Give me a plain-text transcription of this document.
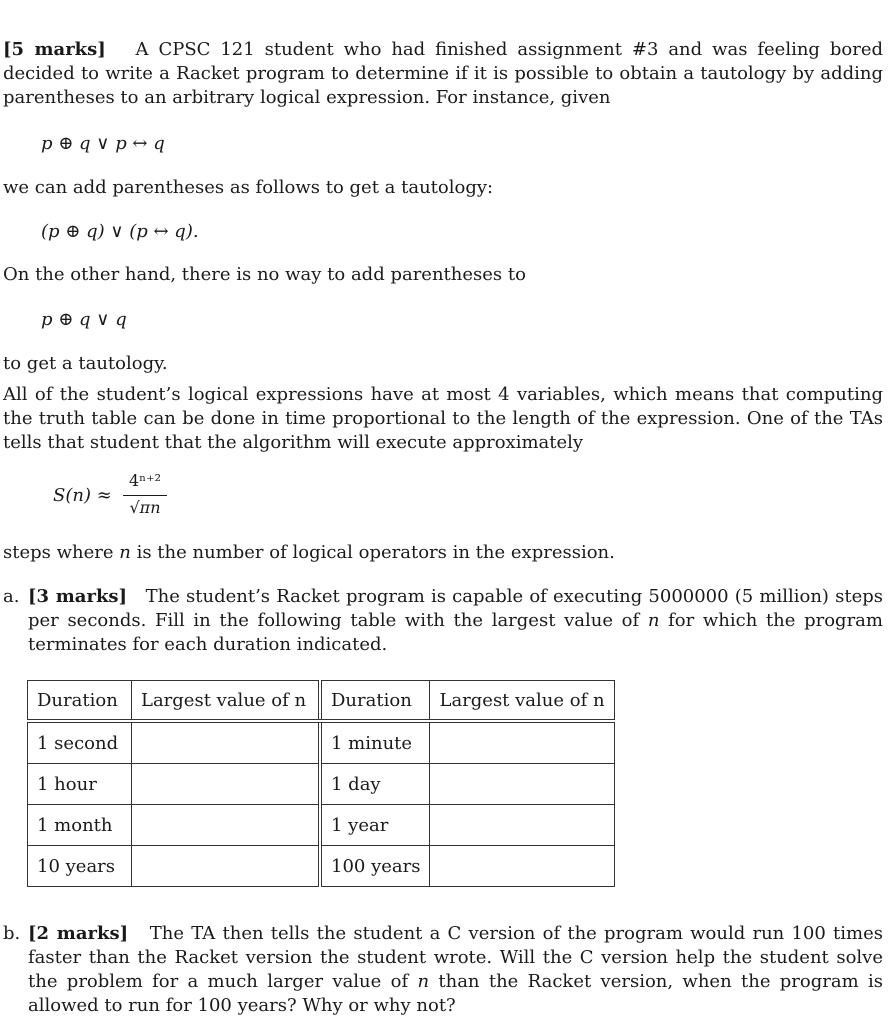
[5 marks] A CPSC 121 student who had finished assignment #3 and was feeling bored decided to write a Racket program to determine if it is possible to obtain a tautology by adding parentheses to an arbitrary logical expression. For instance, given

p ⊕ q ∨ p ↔ q
we can add parentheses as follows to get a tautology:
(p ⊕ q) ∨ (p ↔ q).
On the other hand, there is no way to add parentheses to
p ⊕ q ∨ q
to get a tautology.

All of the student’s logical expressions have at most 4 variables, which means that computing the truth table can be done in time proportional to the length of the expression. One of the TAs tells that student that the algorithm will execute approximately

S(n) ≈
4ⁿ⁺²
√πn
steps where n is the number of logical operators in the expression.
a. [3 marks] The student’s Racket program is capable of executing 5000000 (5 million) steps per seconds. Fill in the following table with the largest value of n for which the program terminates for each duration indicated.

Duration	Largest value of n	Duration	Largest value of n
1 second		1 minute	
1 hour		1 day	
1 month		1 year	
10 years		100 years	
b. [2 marks] The TA then tells the student a C version of the program would run 100 times faster than the Racket version the student wrote. Will the C version help the student solve the problem for a much larger value of n than the Racket version, when the program is allowed to run for 100 years? Why or why not?
